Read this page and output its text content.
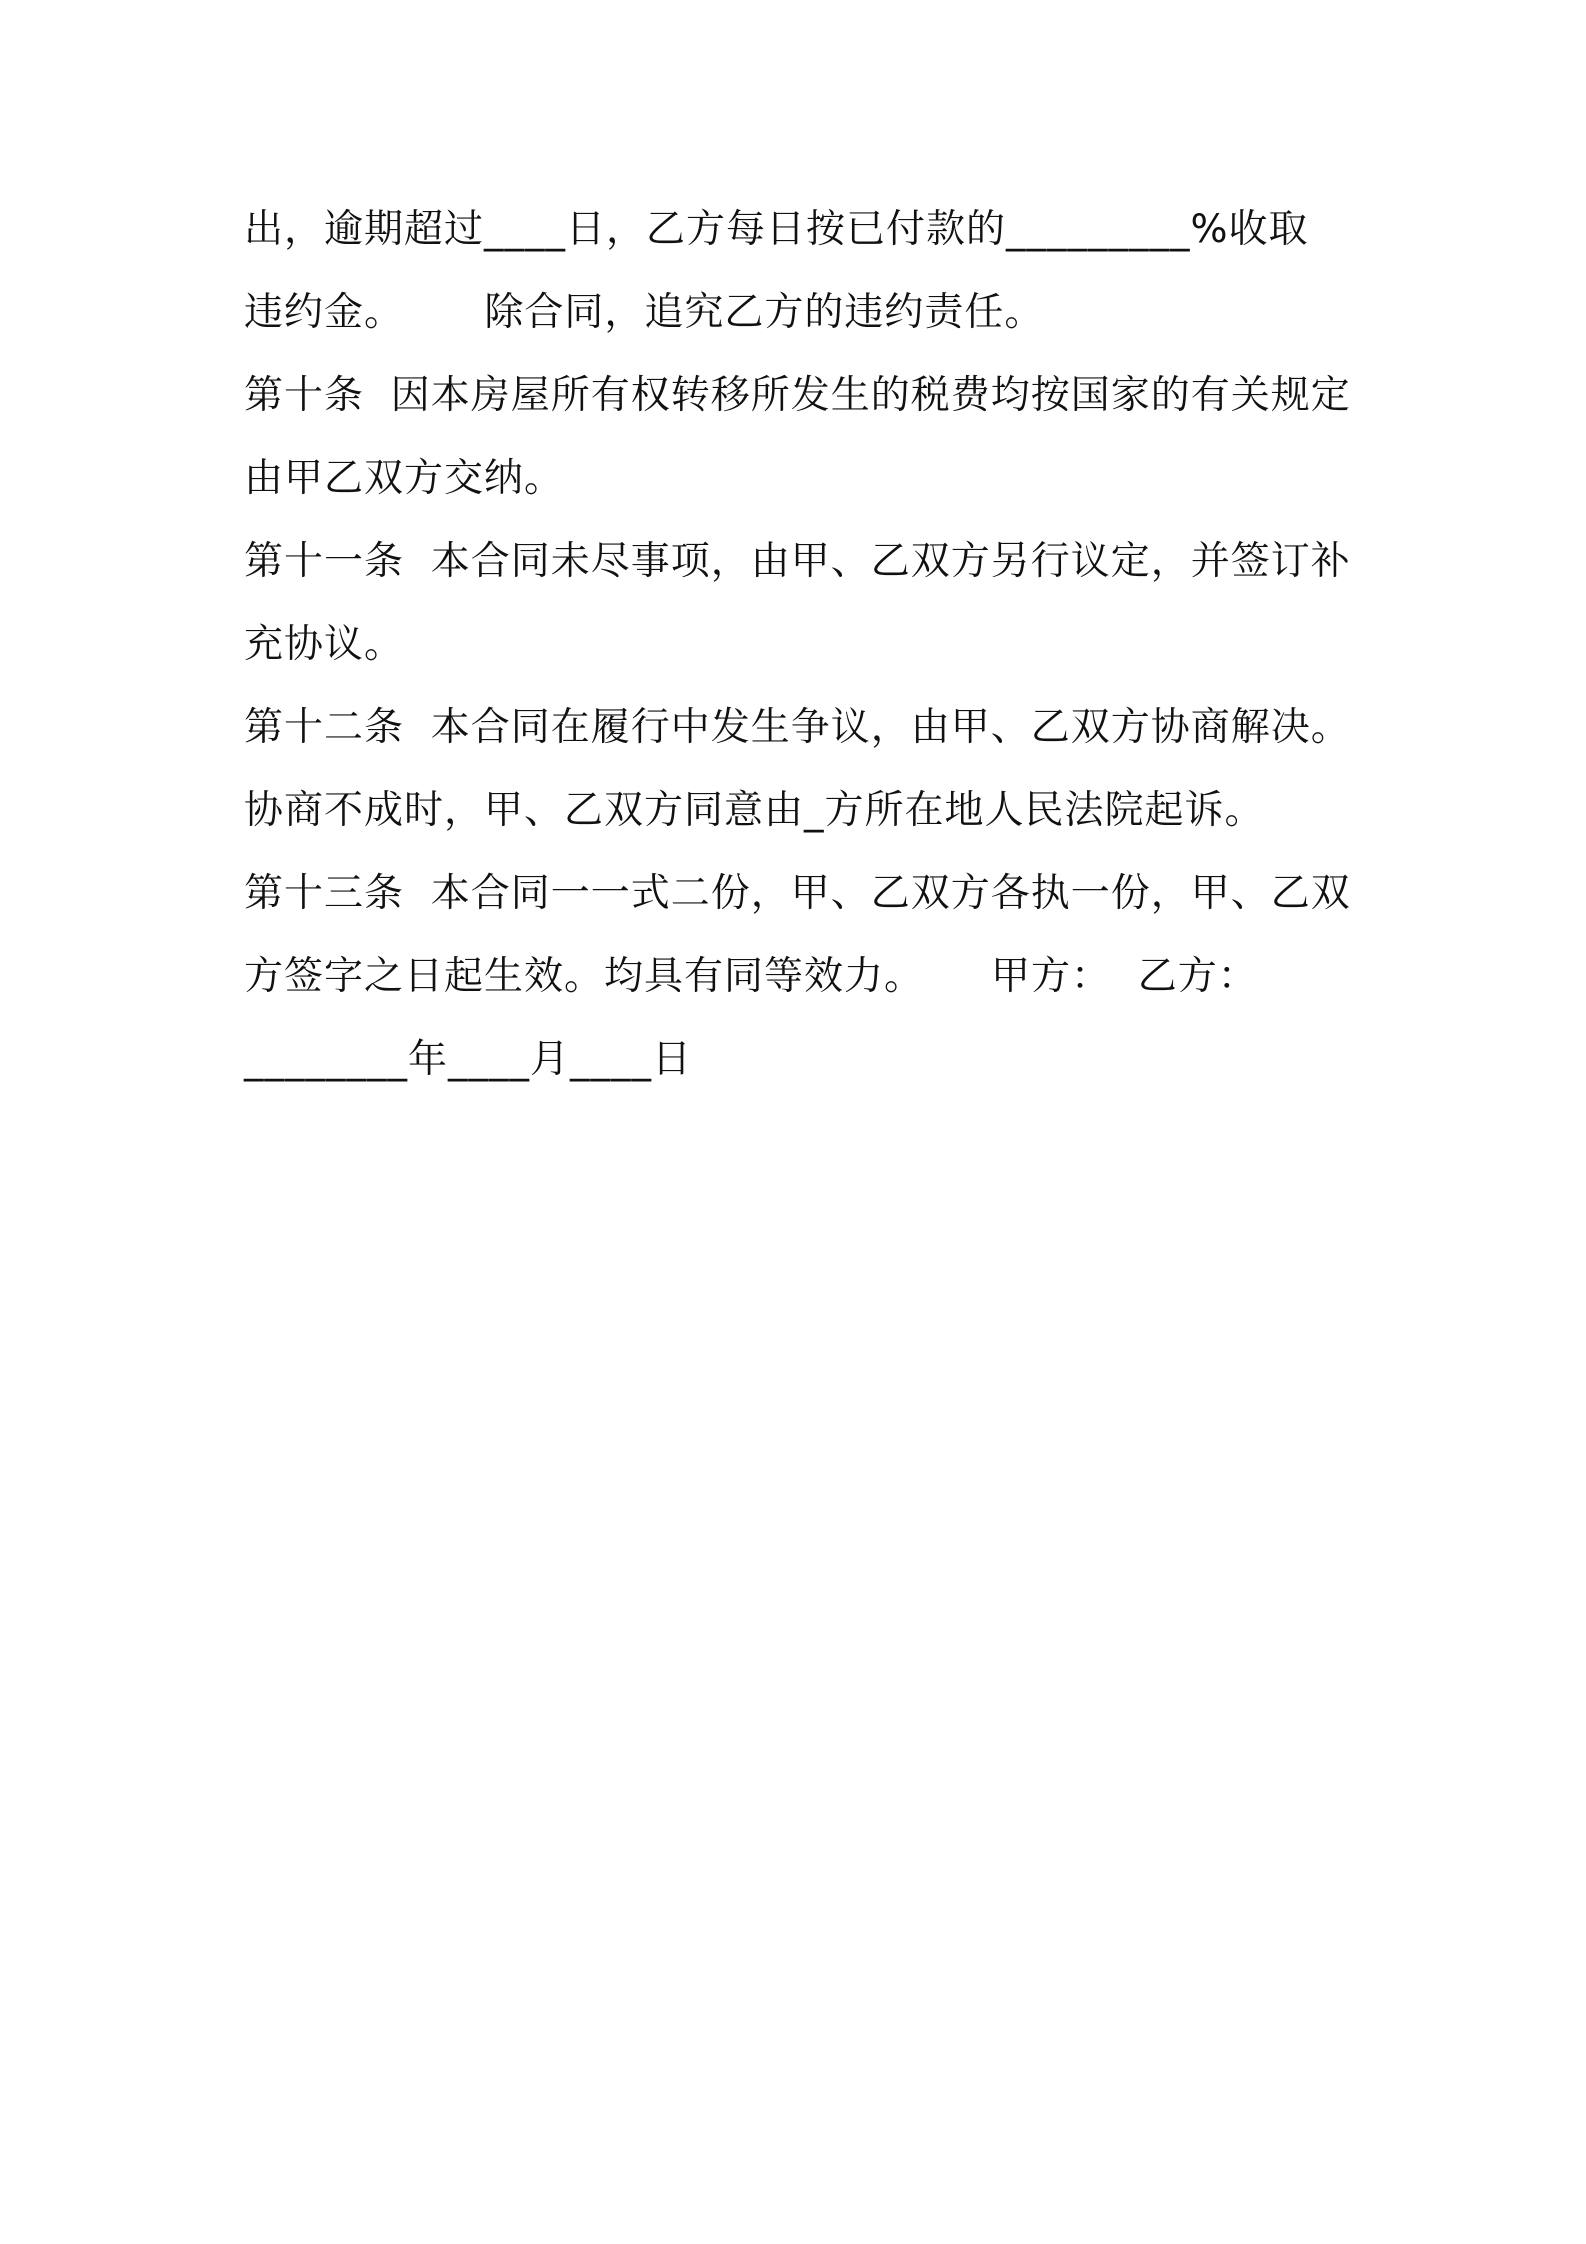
出，逾期超过____日，乙方每日按已付款的_________%收取
违约金。      除合同，追究乙方的违约责任。
第十条  因本房屋所有权转移所发生的税费均按国家的有关规定
由甲乙双方交纳。
第十一条  本合同未尽事项，由甲、乙双方另行议定，并签订补
充协议。
第十二条  本合同在履行中发生争议，由甲、乙双方协商解决。
协商不成时，甲、乙双方同意由_方所在地人民法院起诉。
第十三条  本合同一一式二份，甲、乙双方各执一份，甲、乙双
方签字之日起生效。均具有同等效力。     甲方：  乙方：
________年____月____日
